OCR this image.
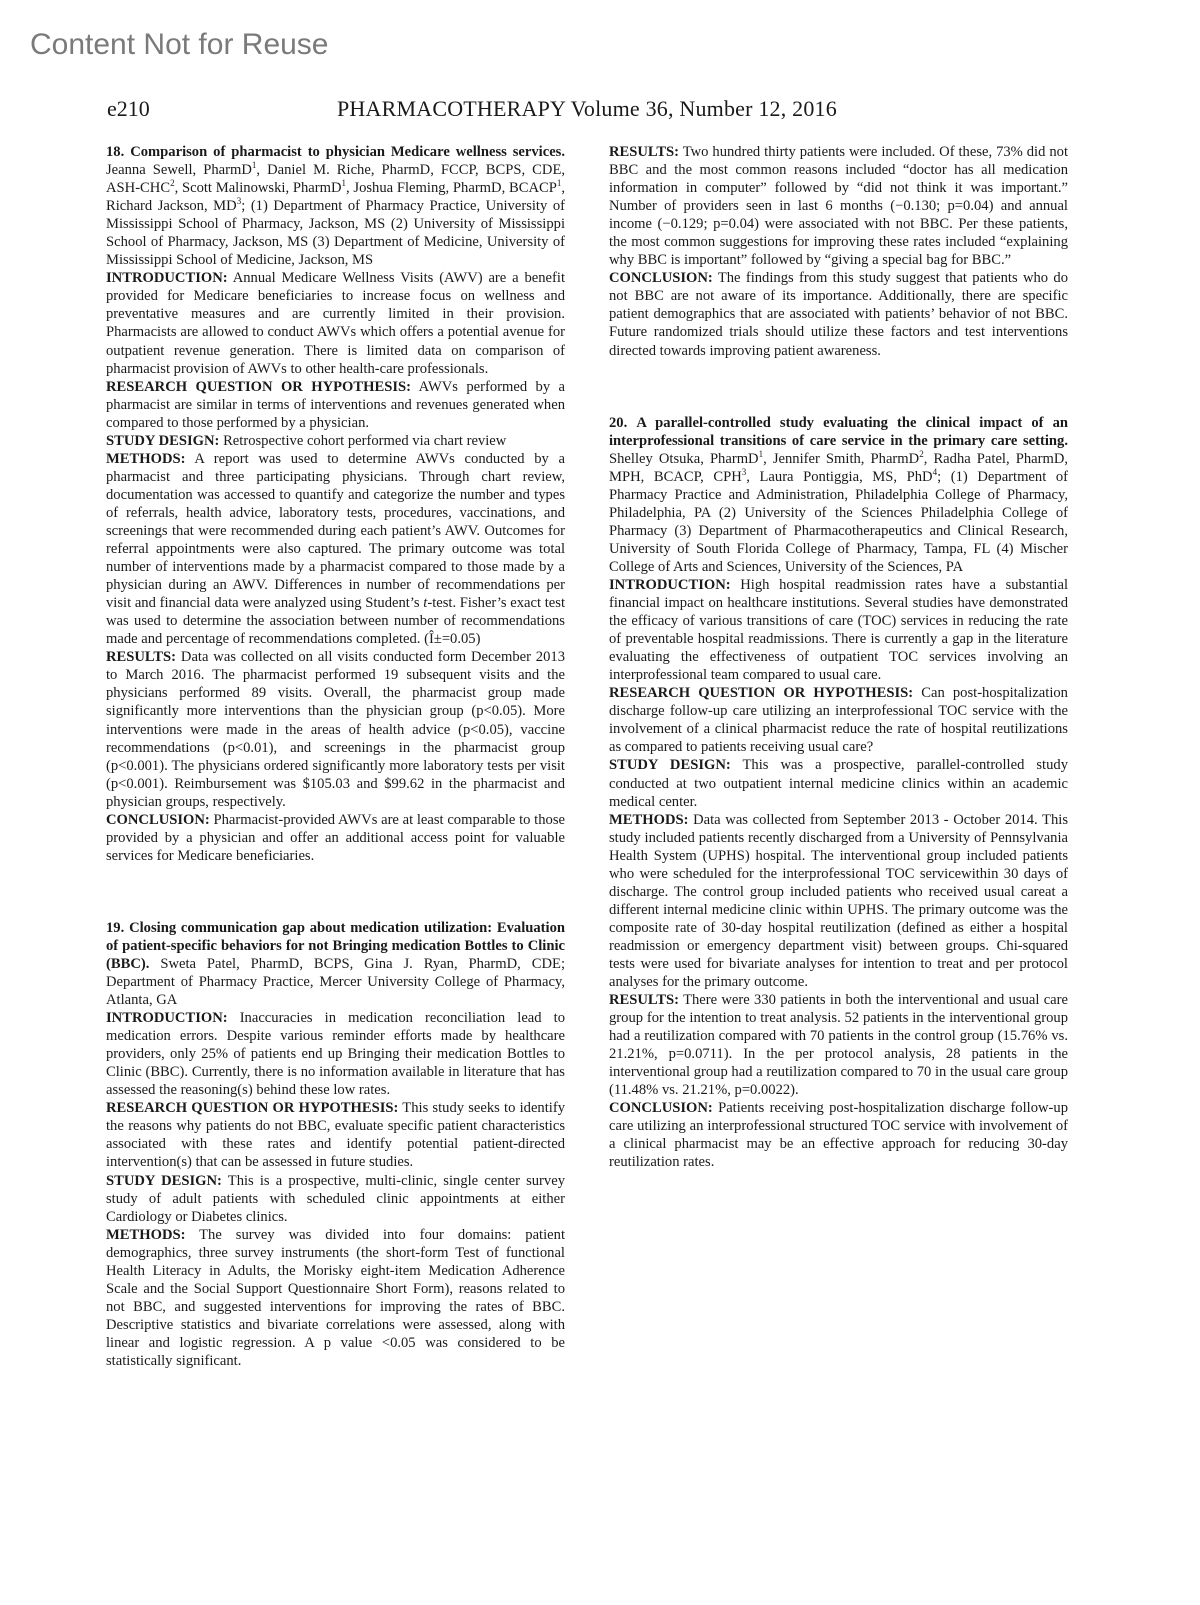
Content Not for Reuse
e210	PHARMACOTHERAPY Volume 36, Number 12, 2016

18. Comparison of pharmacist to physician Medicare wellness services. Jeanna Sewell, PharmD$^1$, Daniel M. Riche, PharmD, FCCP, BCPS, CDE, ASH-CHC$^2$, Scott Malinowski, PharmD$^1$, Joshua Fleming, PharmD, BCACP$^1$, Richard Jackson, $MD^3$; (1) Department of Pharmacy Practice, University of Mississippi School of Pharmacy, Jackson, MS (2) University of Mississippi School of Pharmacy, Jackson, MS (3) Department of Medicine, University of Mississippi School of Medicine, Jackson, MS

INTRODUCTION: Annual Medicare Wellness Visits (AWV) are a benefit provided for Medicare beneficiaries to increase focus on wellness and preventative measures and are currently limited in their provision. Pharmacists are allowed to conduct AWVs which offers a potential avenue for outpatient revenue generation. There is limited data on comparison of pharmacist provision of AWVs to other health-care professionals.

RESEARCH QUESTION OR HYPOTHESIS: AWVs performed by a pharmacist are similar in terms of interventions and revenues generated when compared to those performed by a physician.

STUDY DESIGN: Retrospective cohort performed via chart review

METHODS: A report was used to determine AWVs conducted by a pharmacist and three participating physicians. Through chart review, documentation was accessed to quantify and categorize the number and types of referrals, health advice, laboratory tests, procedures, vaccinations, and screenings that were recommended during each patient’s AWV. Outcomes for referral appointments were also captured. The primary outcome was total number of interventions made by a pharmacist compared to those made by a physician during an AWV. Differences in number of recommendations per visit and financial data were analyzed using Student’s t-test. Fisher’s exact test was used to determine the association between number of recommendations made and percentage of recommendations completed. (Î±=0.05)

RESULTS: Data was collected on all visits conducted form December 2013 to March 2016. The pharmacist performed 19 subsequent visits and the physicians performed 89 visits. Overall, the pharmacist group made significantly more interventions than the physician group (p<0.05). More interventions were made in the areas of health advice (p<0.05), vaccine recommendations (p<0.01), and screenings in the pharmacist group (p<0.001). The physicians ordered significantly more laboratory tests per visit (p<0.001). Reimbursement was $105.03 and $99.62 in the pharmacist and physician groups, respectively.

CONCLUSION: Pharmacist-provided AWVs are at least comparable to those provided by a physician and offer an additional access point for valuable services for Medicare beneficiaries.

19. Closing communication gap about medication utilization: Evaluation of patient-specific behaviors for not Bringing medication Bottles to Clinic (BBC). Sweta Patel, PharmD, BCPS, Gina J. Ryan, PharmD, CDE; Department of Pharmacy Practice, Mercer University College of Pharmacy, Atlanta, GA

INTRODUCTION: Inaccuracies in medication reconciliation lead to medication errors. Despite various reminder efforts made by healthcare providers, only 25% of patients end up Bringing their medication Bottles to Clinic (BBC). Currently, there is no information available in literature that has assessed the reasoning(s) behind these low rates.

RESEARCH QUESTION OR HYPOTHESIS: This study seeks to identify the reasons why patients do not BBC, evaluate specific patient characteristics associated with these rates and identify potential patient-directed intervention(s) that can be assessed in future studies.

STUDY DESIGN: This is a prospective, multi-clinic, single center survey study of adult patients with scheduled clinic appointments at either Cardiology or Diabetes clinics.

METHODS: The survey was divided into four domains: patient demographics, three survey instruments (the short-form Test of functional Health Literacy in Adults, the Morisky eight-item Medication Adherence Scale and the Social Support Questionnaire Short Form), reasons related to not BBC, and suggested interventions for improving the rates of BBC. Descriptive statistics and bivariate correlations were assessed, along with linear and logistic regression. A p value <0.05 was considered to be statistically significant.

RESULTS: Two hundred thirty patients were included. Of these, 73% did not BBC and the most common reasons included “doctor has all medication information in computer” followed by “did not think it was important.” Number of providers seen in last 6 months (−0.130; p=0.04) and annual income (−0.129; p=0.04) were associated with not BBC. Per these patients, the most common suggestions for improving these rates included “explaining why BBC is important” followed by “giving a special bag for BBC.”

CONCLUSION: The findings from this study suggest that patients who do not BBC are not aware of its importance. Additionally, there are specific patient demographics that are associated with patients’ behavior of not BBC. Future randomized trials should utilize these factors and test interventions directed towards improving patient awareness.

20. A parallel-controlled study evaluating the clinical impact of an interprofessional transitions of care service in the primary care setting. Shelley Otsuka, PharmD$^1$, Jennifer Smith, PharmD$^2$, Radha Patel, PharmD, MPH, BCACP, CPH$^3$, Laura Pontiggia, MS, PhD$^4$; (1) Department of Pharmacy Practice and Administration, Philadelphia College of Pharmacy, Philadelphia, PA (2) University of the Sciences Philadelphia College of Pharmacy (3) Department of Pharmacotherapeutics and Clinical Research, University of South Florida College of Pharmacy, Tampa, FL (4) Mischer College of Arts and Sciences, University of the Sciences, PA

INTRODUCTION: High hospital readmission rates have a substantial financial impact on healthcare institutions. Several studies have demonstrated the efficacy of various transitions of care (TOC) services in reducing the rate of preventable hospital readmissions. There is currently a gap in the literature evaluating the effectiveness of outpatient TOC services involving an interprofessional team compared to usual care.

RESEARCH QUESTION OR HYPOTHESIS: Can post-hospitalization discharge follow-up care utilizing an interprofessional TOC service with the involvement of a clinical pharmacist reduce the rate of hospital reutilizations as compared to patients receiving usual care?

STUDY DESIGN: This was a prospective, parallel-controlled study conducted at two outpatient internal medicine clinics within an academic medical center.

METHODS: Data was collected from September 2013 - October 2014. This study included patients recently discharged from a University of Pennsylvania Health System (UPHS) hospital. The interventional group included patients who were scheduled for the interprofessional TOC servicewithin 30 days of discharge. The control group included patients who received usual careat a different internal medicine clinic within UPHS. The primary outcome was the composite rate of 30-day hospital reutilization (defined as either a hospital readmission or emergency department visit) between groups. Chi-squared tests were used for bivariate analyses for intention to treat and per protocol analyses for the primary outcome.

RESULTS: There were 330 patients in both the interventional and usual care group for the intention to treat analysis. 52 patients in the interventional group had a reutilization compared with 70 patients in the control group (15.76% vs. 21.21%, p=0.0711). In the per protocol analysis, 28 patients in the interventional group had a reutilization compared to 70 in the usual care group (11.48% vs. 21.21%, p=0.0022).

CONCLUSION: Patients receiving post-hospitalization discharge follow-up care utilizing an interprofessional structured TOC service with involvement of a clinical pharmacist may be an effective approach for reducing 30-day reutilization rates.
